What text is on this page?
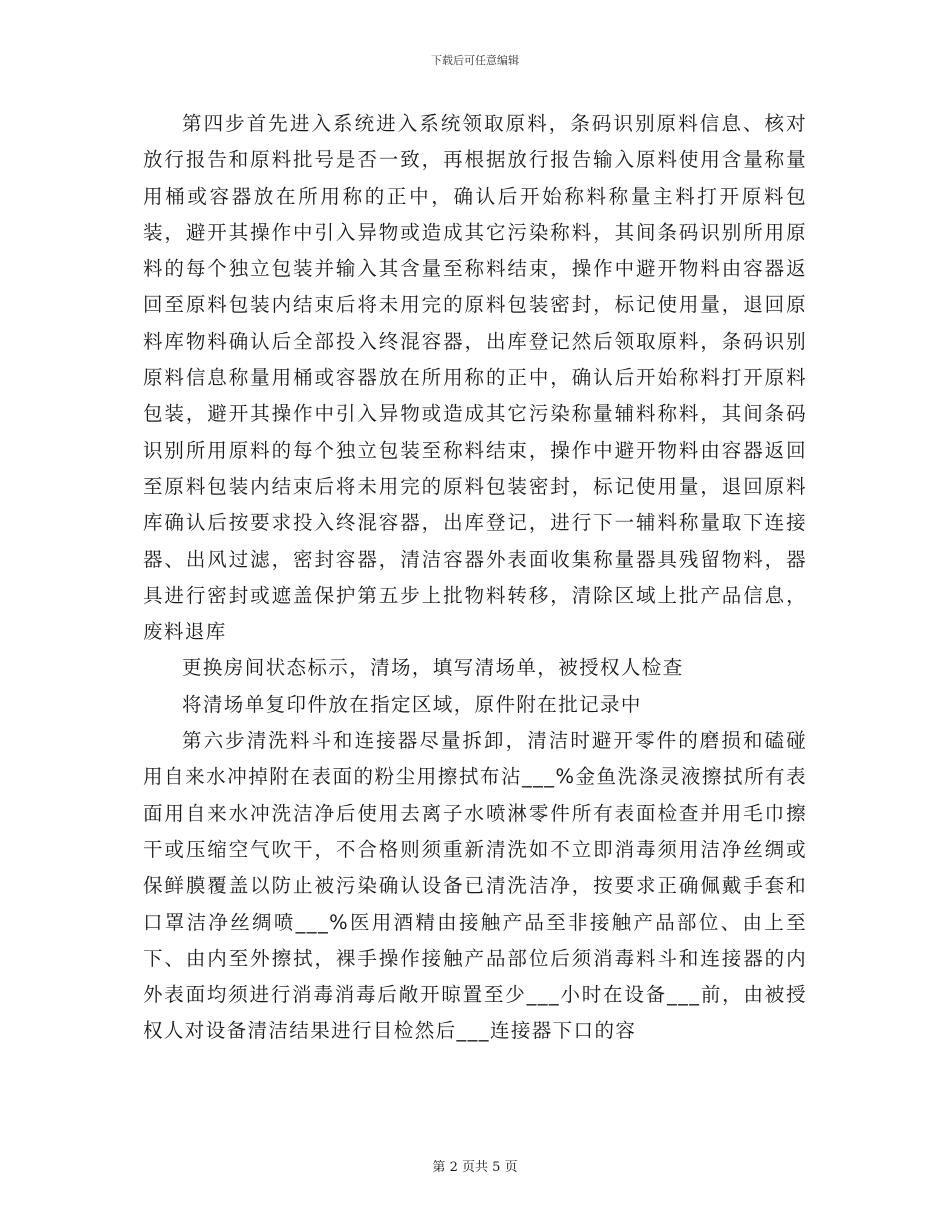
下载后可任意编辑

第四步首先进入系统进入系统领取原料，条码识别原料信息、核对放行报告和原料批号是否一致，再根据放行报告输入原料使用含量称量用桶或容器放在所用称的正中，确认后开始称料称量主料打开原料包装，避开其操作中引入异物或造成其它污染称料，其间条码识别所用原料的每个独立包装并输入其含量至称料结束，操作中避开物料由容器返回至原料包装内结束后将未用完的原料包装密封，标记使用量，退回原料库物料确认后全部投入终混容器，出库登记然后领取原料，条码识别原料信息称量用桶或容器放在所用称的正中，确认后开始称料打开原料包装，避开其操作中引入异物或造成其它污染称量辅料称料，其间条码识别所用原料的每个独立包装至称料结束，操作中避开物料由容器返回至原料包装内结束后将未用完的原料包装密封，标记使用量，退回原料库确认后按要求投入终混容器，出库登记，进行下一辅料称量取下连接器、出风过滤，密封容器，清洁容器外表面收集称量器具残留物料，器具进行密封或遮盖保护第五步上批物料转移，清除区域上批产品信息，废料退库

更换房间状态标示，清场，填写清场单，被授权人检查

将清场单复印件放在指定区域，原件附在批记录中

第六步清洗料斗和连接器尽量拆卸，清洁时避开零件的磨损和磕碰用自来水冲掉附在表面的粉尘用擦拭布沾___%金鱼洗涤灵液擦拭所有表面用自来水冲洗洁净后使用去离子水喷淋零件所有表面检查并用毛巾擦干或压缩空气吹干，不合格则须重新清洗如不立即消毒须用洁净丝绸或保鲜膜覆盖以防止被污染确认设备已清洗洁净，按要求正确佩戴手套和口罩洁净丝绸喷___%医用酒精由接触产品至非接触产品部位、由上至下、由内至外擦拭，裸手操作接触产品部位后须消毒料斗和连接器的内外表面均须进行消毒消毒后敞开晾置至少___小时在设备___前，由被授权人对设备清洁结果进行目检然后___连接器下口的容

第 2 页共 5 页
